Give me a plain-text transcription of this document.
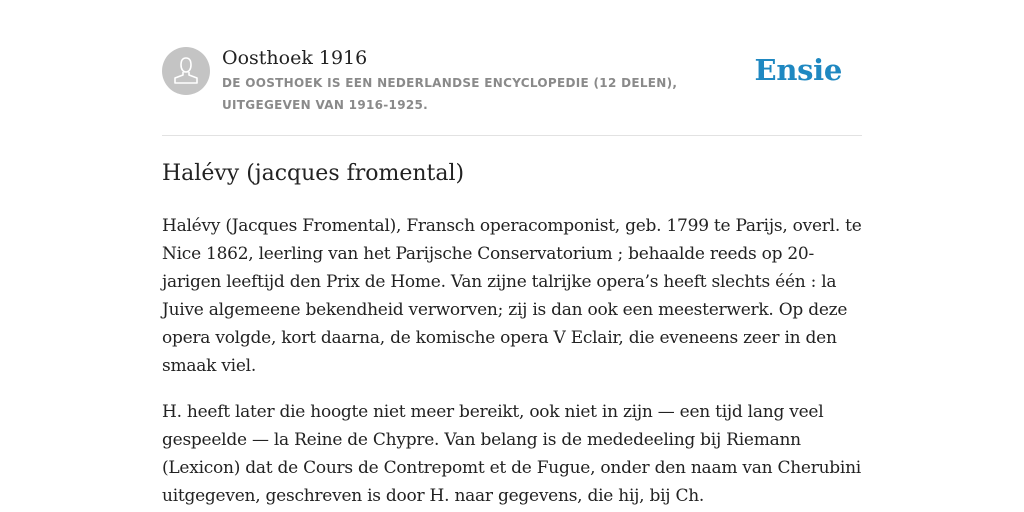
Oosthoek 1916
DE OOSTHOEK IS EEN NEDERLANDSE ENCYCLOPEDIE (12 DELEN), UITGEGEVEN VAN 1916-1925.
Ensie
Halévy (jacques fromental)

Halévy (Jacques Fromental), Fransch operacomponist, geb. 1799 te Parijs, overl. te Nice 1862, leerling van het Parijsche Conservatorium ; behaalde reeds op 20-jarigen leeftijd den Prix de Home. Van zijne talrijke opera’s heeft slechts één : la Juive algemeene bekendheid verworven; zij is dan ook een meesterwerk. Op deze opera volgde, kort daarna, de komische opera V Eclair, die eveneens zeer in den smaak viel.

H. heeft later die hoogte niet meer bereikt, ook niet in zijn — een tijd lang veel gespeelde — la Reine de Chypre. Van belang is de mededeeling bij Riemann (Lexicon) dat de Cours de Contrepomt et de Fugue, onder den naam van Cherubini uitgegeven, geschreven is door H. naar gegevens, die hij, bij Ch.
